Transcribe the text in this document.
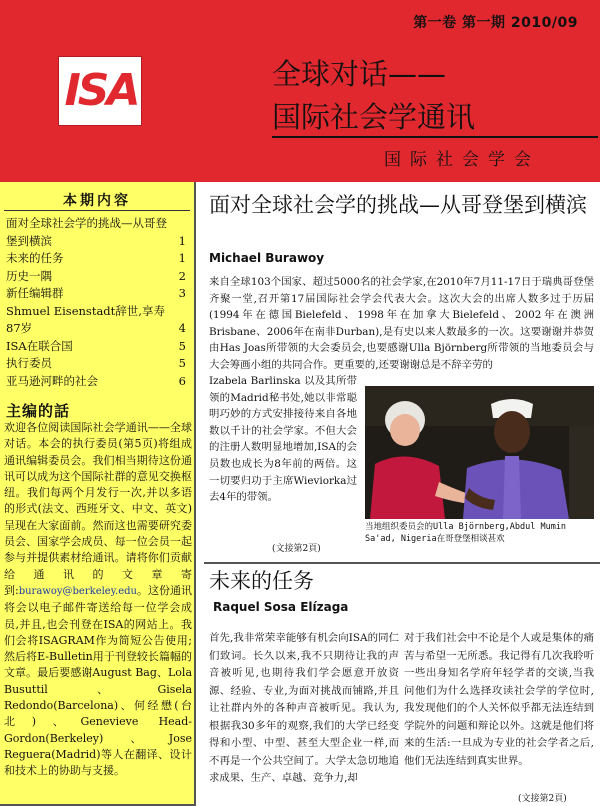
第一卷 第一期 2010/09
ISA	全球对话——
国际社会学通讯
国际社会学会
本期内容
面对全球社会学的挑战—从哥登堡到横滨	1
未来的任务	1
历史一隅	2
新任编辑群	3
Shmuel Eisenstadt辞世,享寿87岁	4
ISA在联合国	5
执行委员	5
亚马逊河畔的社会	6
主编的話
欢迎各位阅读国际社会学通讯——全球对话。本会的执行委员(第5页)将组成通讯编辑委员会。我们相当期待这份通讯可以成为这个国际社群的意见交换枢纽。我们每两个月发行一次,并以多语的形式(法文、西班牙文、中文、英文)呈现在大家面前。然而这也需要研究委员会、国家学会成员、每一位会员一起参与并提供素材给通讯。请将你们贡献给通讯的文章寄到:burawoy@berkeley.edu。这份通讯将会以电子邮件寄送给每一位学会成员,并且,也会刊登在ISA的网站上。我们会将ISAGRAM作为简短公告使用;然后将E-Bulletin用于刊登较长篇幅的文章。最后要感谢August Bag、Lola Busuttil、Gisela Redondo(Barcelona)、何经懋(台北)、Genevieve Head-Gordon(Berkeley)、Jose Reguera(Madrid)等人在翻译、设计和技术上的协助与支援。
面对全球社会学的挑战—从哥登堡到横滨
Michael Burawoy
来自全球103个国家、超过5000名的社会学家,在2010年7月11-17日于瑞典哥登堡齐聚一堂,召开第17届国际社会学会代表大会。这次大会的出席人数多过于历届(1994年在德国Bielefeld、1998年在加拿大Bielefeld、2002年在澳洲Brisbane、2006年在南非Durban),是有史以来人数最多的一次。这要谢谢并恭贺由Has Joas所带领的大会委员会,也要感谢Ulla Björnberg所带领的当地委员会与大会筹画小组的共同合作。更重要的,还要谢谢总是不辞辛劳的
Izabela Barlinska 以及其所带领的Madrid秘书处,她以非常聪明巧妙的方式安排接待来自各地数以千计的社会学家。不但大会的注册人数明显地增加,ISA的会员数也成长为8年前的两倍。这一切要归功于主席Wieviorka过去4年的带领。
(文接第2頁)
当地组织委员会的Ulla Björnberg,Abdul Mumin Sa'ad, Nigeria在哥登堡相谈甚欢
未来的任务
Raquel Sosa Elízaga
首先,我非常荣幸能够有机会向ISA的同仁们致词。长久以来,我不只期待让我的声音被听见,也期待我们学会愿意开放资源、经验、专业,为面对挑战而铺路,并且让社群内外的各种声音被听见。我认为,根据我30多年的观察,我们的大学已经变得和小型、中型、甚至大型企业一样,而不再是一个公共空间了。大学太急切地追求成果、生产、卓越、竞争力,却
对于我们社会中不论是个人或是集体的痛苦与希望一无所悉。我记得有几次我聆听一些出身知名学府年轻学者的交谈,当我问他们为什么选择攻读社会学的学位时,我发现他们的个人关怀似乎都无法连结到学院外的问题和辩论以外。这就是他们将来的生活:一旦成为专业的社会学者之后,他们无法连结到真实世界。
(文接第2頁)
